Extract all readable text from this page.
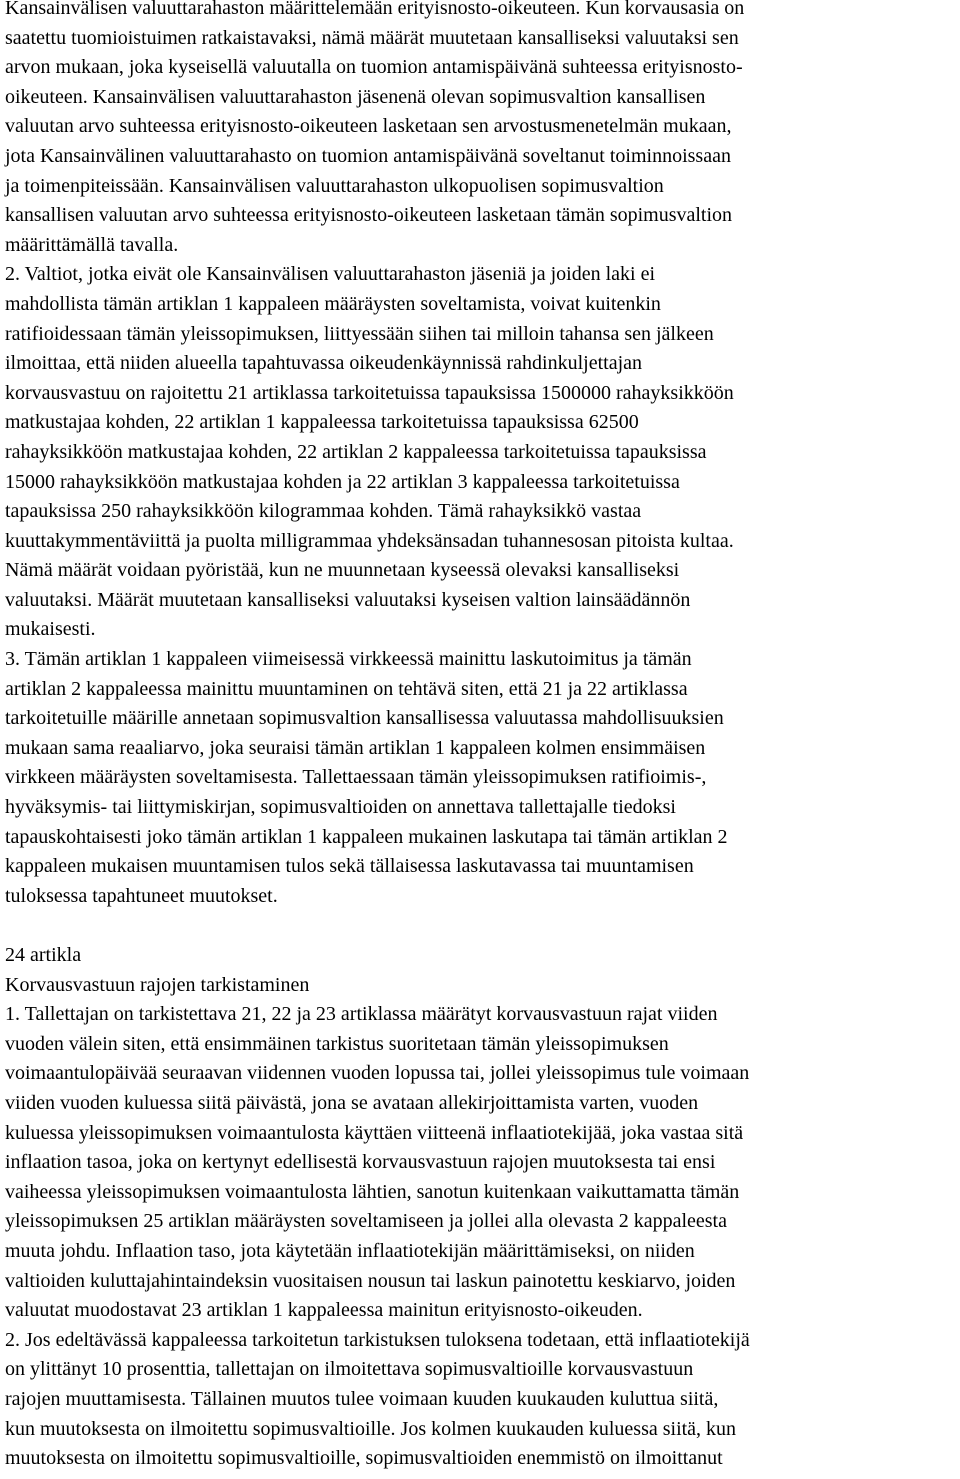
Kansainvälisen valuuttarahaston määrittelemään erityisnosto-oikeuteen. Kun korvausasia on

saatettu tuomioistuimen ratkaistavaksi, nämä määrät muutetaan kansalliseksi valuutaksi sen

arvon mukaan, joka kyseisellä valuutalla on tuomion antamispäivänä suhteessa erityisnosto-

oikeuteen. Kansainvälisen valuuttarahaston jäsenenä olevan sopimusvaltion kansallisen

valuutan arvo suhteessa erityisnosto-oikeuteen lasketaan sen arvostusmenetelmän mukaan,

jota Kansainvälinen valuuttarahasto on tuomion antamispäivänä soveltanut toiminnoissaan

ja toimenpiteissään. Kansainvälisen valuuttarahaston ulkopuolisen sopimusvaltion

kansallisen valuutan arvo suhteessa erityisnosto-oikeuteen lasketaan tämän sopimusvaltion

määrittämällä tavalla.

2. Valtiot, jotka eivät ole Kansainvälisen valuuttarahaston jäseniä ja joiden laki ei

mahdollista tämän artiklan 1 kappaleen määräysten soveltamista, voivat kuitenkin

ratifioidessaan tämän yleissopimuksen, liittyessään siihen tai milloin tahansa sen jälkeen

ilmoittaa, että niiden alueella tapahtuvassa oikeudenkäynnissä rahdinkuljettajan

korvausvastuu on rajoitettu 21 artiklassa tarkoitetuissa tapauksissa 1500000 rahayksikköön

matkustajaa kohden, 22 artiklan 1 kappaleessa tarkoitetuissa tapauksissa 62500

rahayksikköön matkustajaa kohden, 22 artiklan 2 kappaleessa tarkoitetuissa tapauksissa

15000 rahayksikköön matkustajaa kohden ja 22 artiklan 3 kappaleessa tarkoitetuissa

tapauksissa 250 rahayksikköön kilogrammaa kohden. Tämä rahayksikkö vastaa

kuuttakymmentäviittä ja puolta milligrammaa yhdeksänsadan tuhannesosan pitoista kultaa.

Nämä määrät voidaan pyöristää, kun ne muunnetaan kyseessä olevaksi kansalliseksi

valuutaksi. Määrät muutetaan kansalliseksi valuutaksi kyseisen valtion lainsäädännön

mukaisesti.

3. Tämän artiklan 1 kappaleen viimeisessä virkkeessä mainittu laskutoimitus ja tämän

artiklan 2 kappaleessa mainittu muuntaminen on tehtävä siten, että 21 ja 22 artiklassa

tarkoitetuille määrille annetaan sopimusvaltion kansallisessa valuutassa mahdollisuuksien

mukaan sama reaaliarvo, joka seuraisi tämän artiklan 1 kappaleen kolmen ensimmäisen

virkkeen määräysten soveltamisesta. Tallettaessaan tämän yleissopimuksen ratifioimis-,

hyväksymis- tai liittymiskirjan, sopimusvaltioiden on annettava tallettajalle tiedoksi

tapauskohtaisesti joko tämän artiklan 1 kappaleen mukainen laskutapa tai tämän artiklan 2

kappaleen mukaisen muuntamisen tulos sekä tällaisessa laskutavassa tai muuntamisen

tuloksessa tapahtuneet muutokset.

24 artikla

Korvausvastuun rajojen tarkistaminen

1. Tallettajan on tarkistettava 21, 22 ja 23 artiklassa määrätyt korvausvastuun rajat viiden

vuoden välein siten, että ensimmäinen tarkistus suoritetaan tämän yleissopimuksen

voimaantulopäivää seuraavan viidennen vuoden lopussa tai, jollei yleissopimus tule voimaan

viiden vuoden kuluessa siitä päivästä, jona se avataan allekirjoittamista varten, vuoden

kuluessa yleissopimuksen voimaantulosta käyttäen viitteenä inflaatiotekijää, joka vastaa sitä

inflaation tasoa, joka on kertynyt edellisestä korvausvastuun rajojen muutoksesta tai ensi

vaiheessa yleissopimuksen voimaantulosta lähtien, sanotun kuitenkaan vaikuttamatta tämän

yleissopimuksen 25 artiklan määräysten soveltamiseen ja jollei alla olevasta 2 kappaleesta

muuta johdu. Inflaation taso, jota käytetään inflaatiotekijän määrittämiseksi, on niiden

valtioiden kuluttajahintaindeksin vuositaisen nousun tai laskun painotettu keskiarvo, joiden

valuutat muodostavat 23 artiklan 1 kappaleessa mainitun erityisnosto-oikeuden.

2. Jos edeltävässä kappaleessa tarkoitetun tarkistuksen tuloksena todetaan, että inflaatiotekijä

on ylittänyt 10 prosenttia, tallettajan on ilmoitettava sopimusvaltioille korvausvastuun

rajojen muuttamisesta. Tällainen muutos tulee voimaan kuuden kuukauden kuluttua siitä,

kun muutoksesta on ilmoitettu sopimusvaltioille. Jos kolmen kuukauden kuluessa siitä, kun

muutoksesta on ilmoitettu sopimusvaltioille, sopimusvaltioiden enemmistö on ilmoittanut
